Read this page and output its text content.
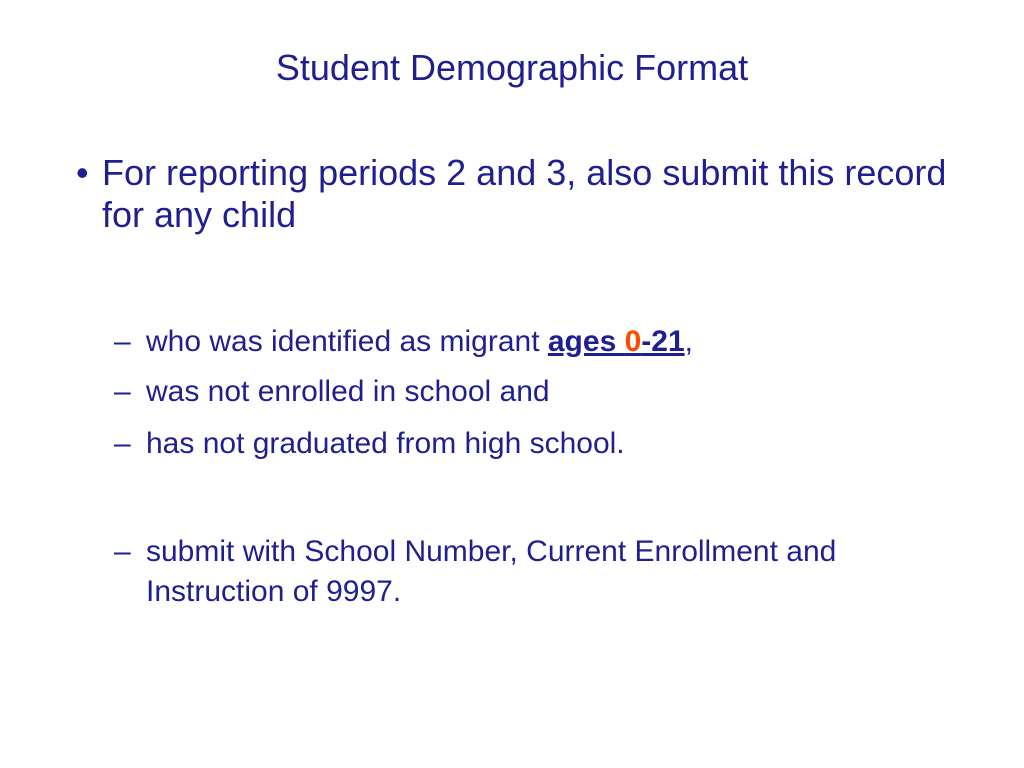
Student Demographic Format
• For reporting periods 2 and 3, also submit this record for any child
– who was identified as migrant ages 0-21,
– was not enrolled in school and
– has not graduated from high school.
– submit with School Number, Current Enrollment and Instruction of 9997.
